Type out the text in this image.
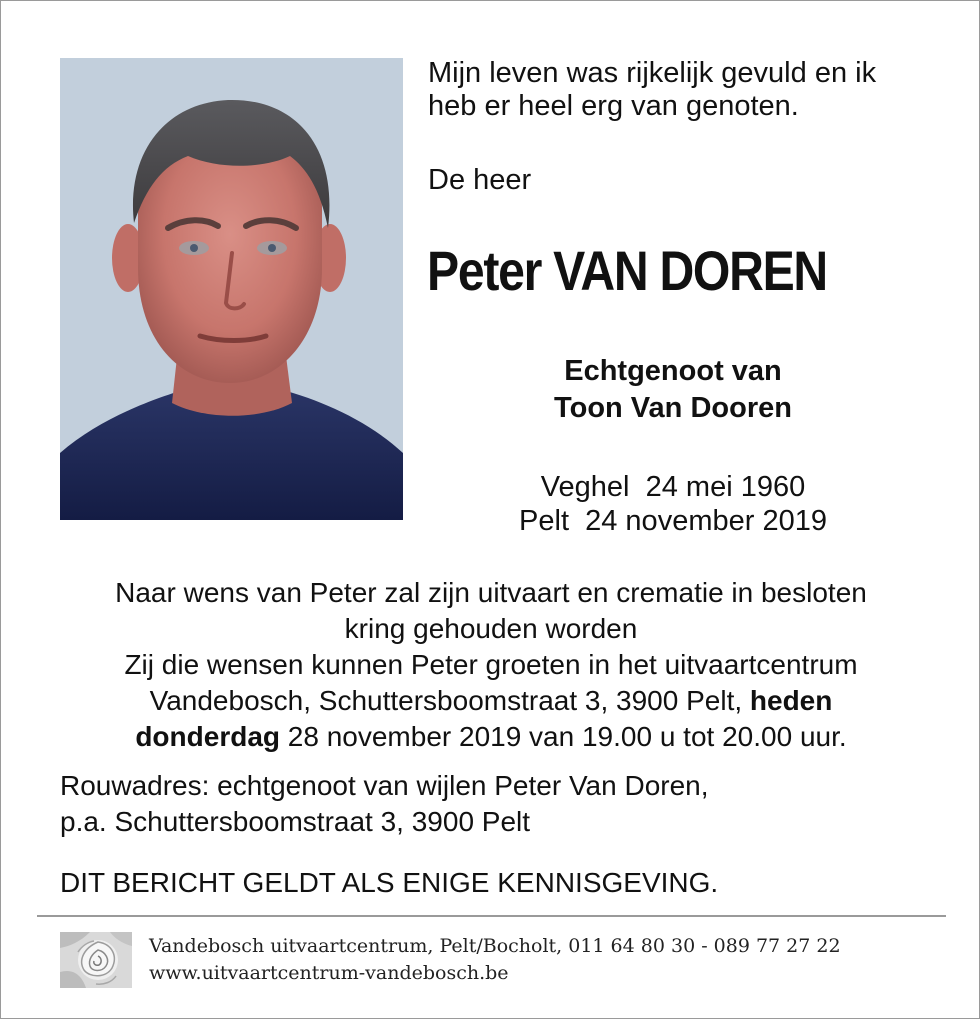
Mijn leven was rijkelijk gevuld en ik
heb er heel erg van genoten.
De heer
Peter VAN DOREN
Echtgenoot van
Toon Van Dooren
Veghel  24 mei 1960
Pelt  24 november 2019
Naar wens van Peter zal zijn uitvaart en crematie in besloten
kring gehouden worden
Zij die wensen kunnen Peter groeten in het uitvaartcentrum
Vandebosch, Schuttersboomstraat 3, 3900 Pelt, heden
donderdag 28 november 2019 van 19.00 u tot 20.00 uur.
Rouwadres: echtgenoot van wijlen Peter Van Doren,
p.a. Schuttersboomstraat 3, 3900 Pelt
DIT BERICHT GELDT ALS ENIGE KENNISGEVING.
Vandebosch uitvaartcentrum, Pelt/Bocholt, 011 64 80 30 - 089 77 27 22
www.uitvaartcentrum-vandebosch.be
